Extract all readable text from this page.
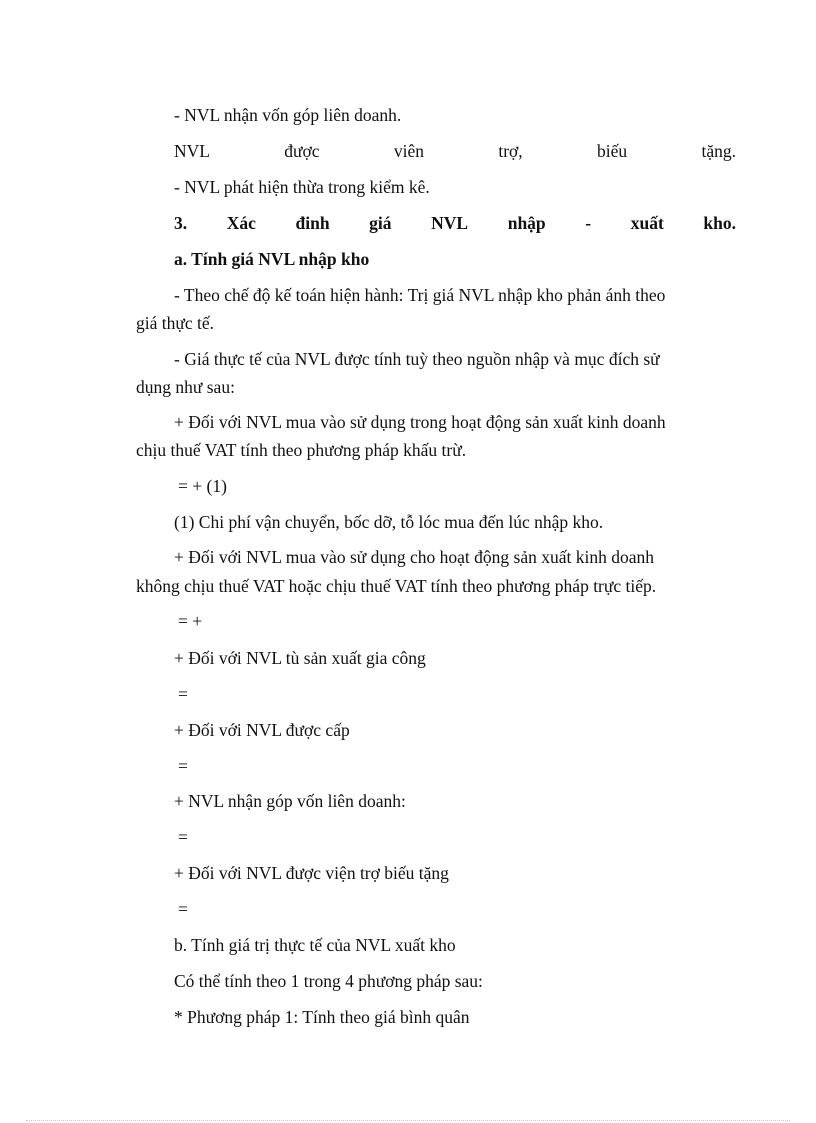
- NVL nhận vốn góp liên doanh.
NVL	được	viên	trợ,	biếu	tặng.
- NVL phát hiện thừa trong kiểm kê.
3. Xác đinh giá NVL nhập - xuất kho.
a. Tính giá NVL nhập kho
- Theo chế độ kế toán hiện hành: Trị giá NVL nhập kho phản ánh theo
giá thực tế.
- Giá thực tế của NVL được tính tuỳ theo nguồn nhập và mục đích sử
dụng như sau:
+ Đối với NVL mua vào sử dụng trong hoạt động sản xuất kinh doanh
chịu thuế VAT tính theo phương pháp khấu trừ.
= + (1)
(1) Chi phí vận chuyển, bốc dỡ, tỗ lóc mua đến lúc nhập kho.
+ Đối với NVL mua vào sử dụng cho hoạt động sản xuất kinh doanh
không chịu thuế VAT hoặc chịu thuế VAT tính theo phương pháp trực tiếp.
= +
+ Đối với NVL tù sản xuất gia công
=
+ Đối với NVL được cấp
=
+ NVL nhận góp vốn liên doanh:
=
+ Đối với NVL được viện trợ biếu tặng
=
b. Tính giá trị thực tế của NVL xuất kho
Có thể tính theo 1 trong 4 phương pháp sau:
* Phương pháp 1: Tính theo giá bình quân
